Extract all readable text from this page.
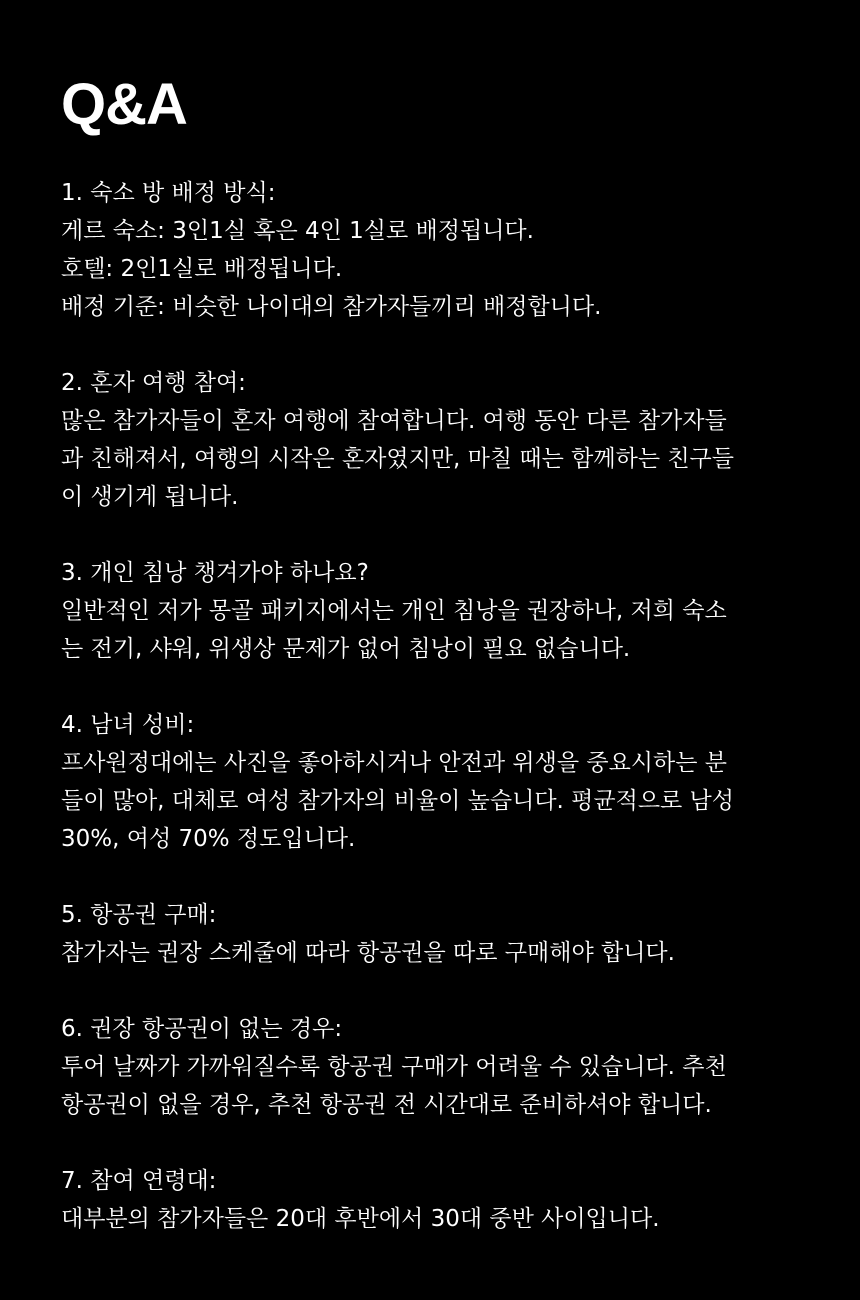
Q&A

1. 숙소 방 배정 방식:

게르 숙소: 3인1실 혹은 4인 1실로 배정됩니다.

호텔: 2인1실로 배정됩니다.

배정 기준: 비슷한 나이대의 참가자들끼리 배정합니다.

2. 혼자 여행 참여:

많은 참가자들이 혼자 여행에 참여합니다. 여행 동안 다른 참가자들

과 친해져서, 여행의 시작은 혼자였지만, 마칠 때는 함께하는 친구들

이 생기게 됩니다.

3. 개인 침낭 챙겨가야 하나요?

일반적인 저가 몽골 패키지에서는 개인 침낭을 권장하나, 저희 숙소

는 전기, 샤워, 위생상 문제가 없어 침낭이 필요 없습니다.

4. 남녀 성비:

프사원정대에는 사진을 좋아하시거나 안전과 위생을 중요시하는 분

들이 많아, 대체로 여성 참가자의 비율이 높습니다. 평균적으로 남성

30%, 여성 70% 정도입니다.

5. 항공권 구매:

참가자는 권장 스케줄에 따라 항공권을 따로 구매해야 합니다.

6. 권장 항공권이 없는 경우:

투어 날짜가 가까워질수록 항공권 구매가 어려울 수 있습니다. 추천

항공권이 없을 경우, 추천 항공권 전 시간대로 준비하셔야 합니다.

7. 참여 연령대:

대부분의 참가자들은 20대 후반에서 30대 중반 사이입니다.
